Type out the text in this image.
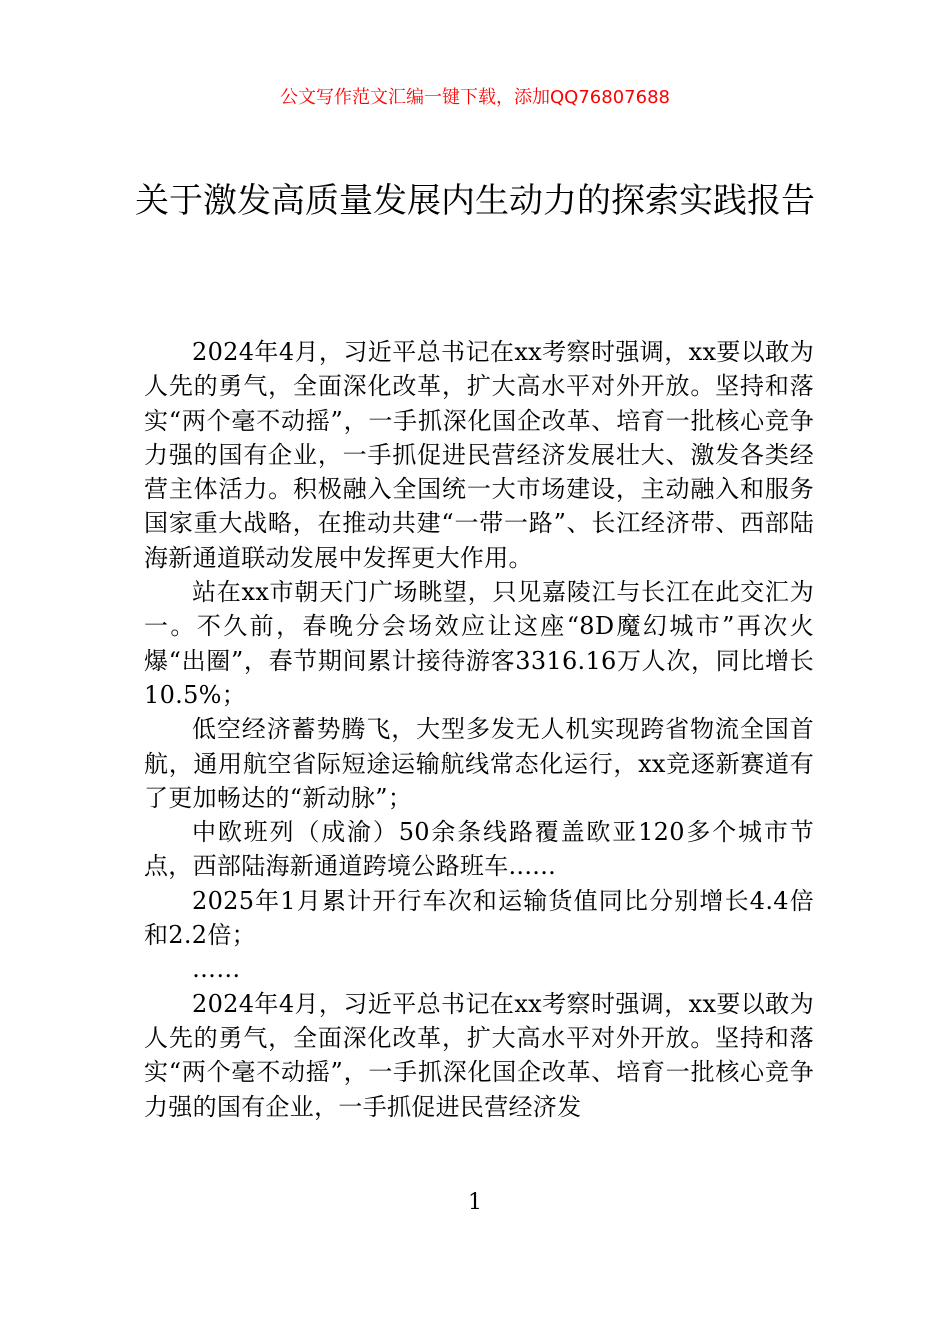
公文写作范文汇编一键下载，添加QQ76807688
关于激发高质量发展内生动力的探索实践报告

2024年4月，习近平总书记在xx考察时强调，xx要以敢为人先的勇气，全面深化改革，扩大高水平对外开放。坚持和落实“两个毫不动摇”，一手抓深化国企改革、培育一批核心竞争力强的国有企业，一手抓促进民营经济发展壮大、激发各类经营主体活力。积极融入全国统一大市场建设，主动融入和服务国家重大战略，在推动共建“一带一路”、长江经济带、西部陆海新通道联动发展中发挥更大作用。

站在xx市朝天门广场眺望，只见嘉陵江与长江在此交汇为一。不久前，春晚分会场效应让这座“8D魔幻城市”再次火爆“出圈”，春节期间累计接待游客3316.16万人次，同比增长10.5%；

低空经济蓄势腾飞，大型多发无人机实现跨省物流全国首航，通用航空省际短途运输航线常态化运行，xx竞逐新赛道有了更加畅达的“新动脉”；

中欧班列（成渝）50余条线路覆盖欧亚120多个城市节点，西部陆海新通道跨境公路班车......

2025年1月累计开行车次和运输货值同比分别增长4.4倍和2.2倍；

……

2024年4月，习近平总书记在xx考察时强调，xx要以敢为人先的勇气，全面深化改革，扩大高水平对外开放。坚持和落实“两个毫不动摇”，一手抓深化国企改革、培育一批核心竞争力强的国有企业，一手抓促进民营经济发

1
